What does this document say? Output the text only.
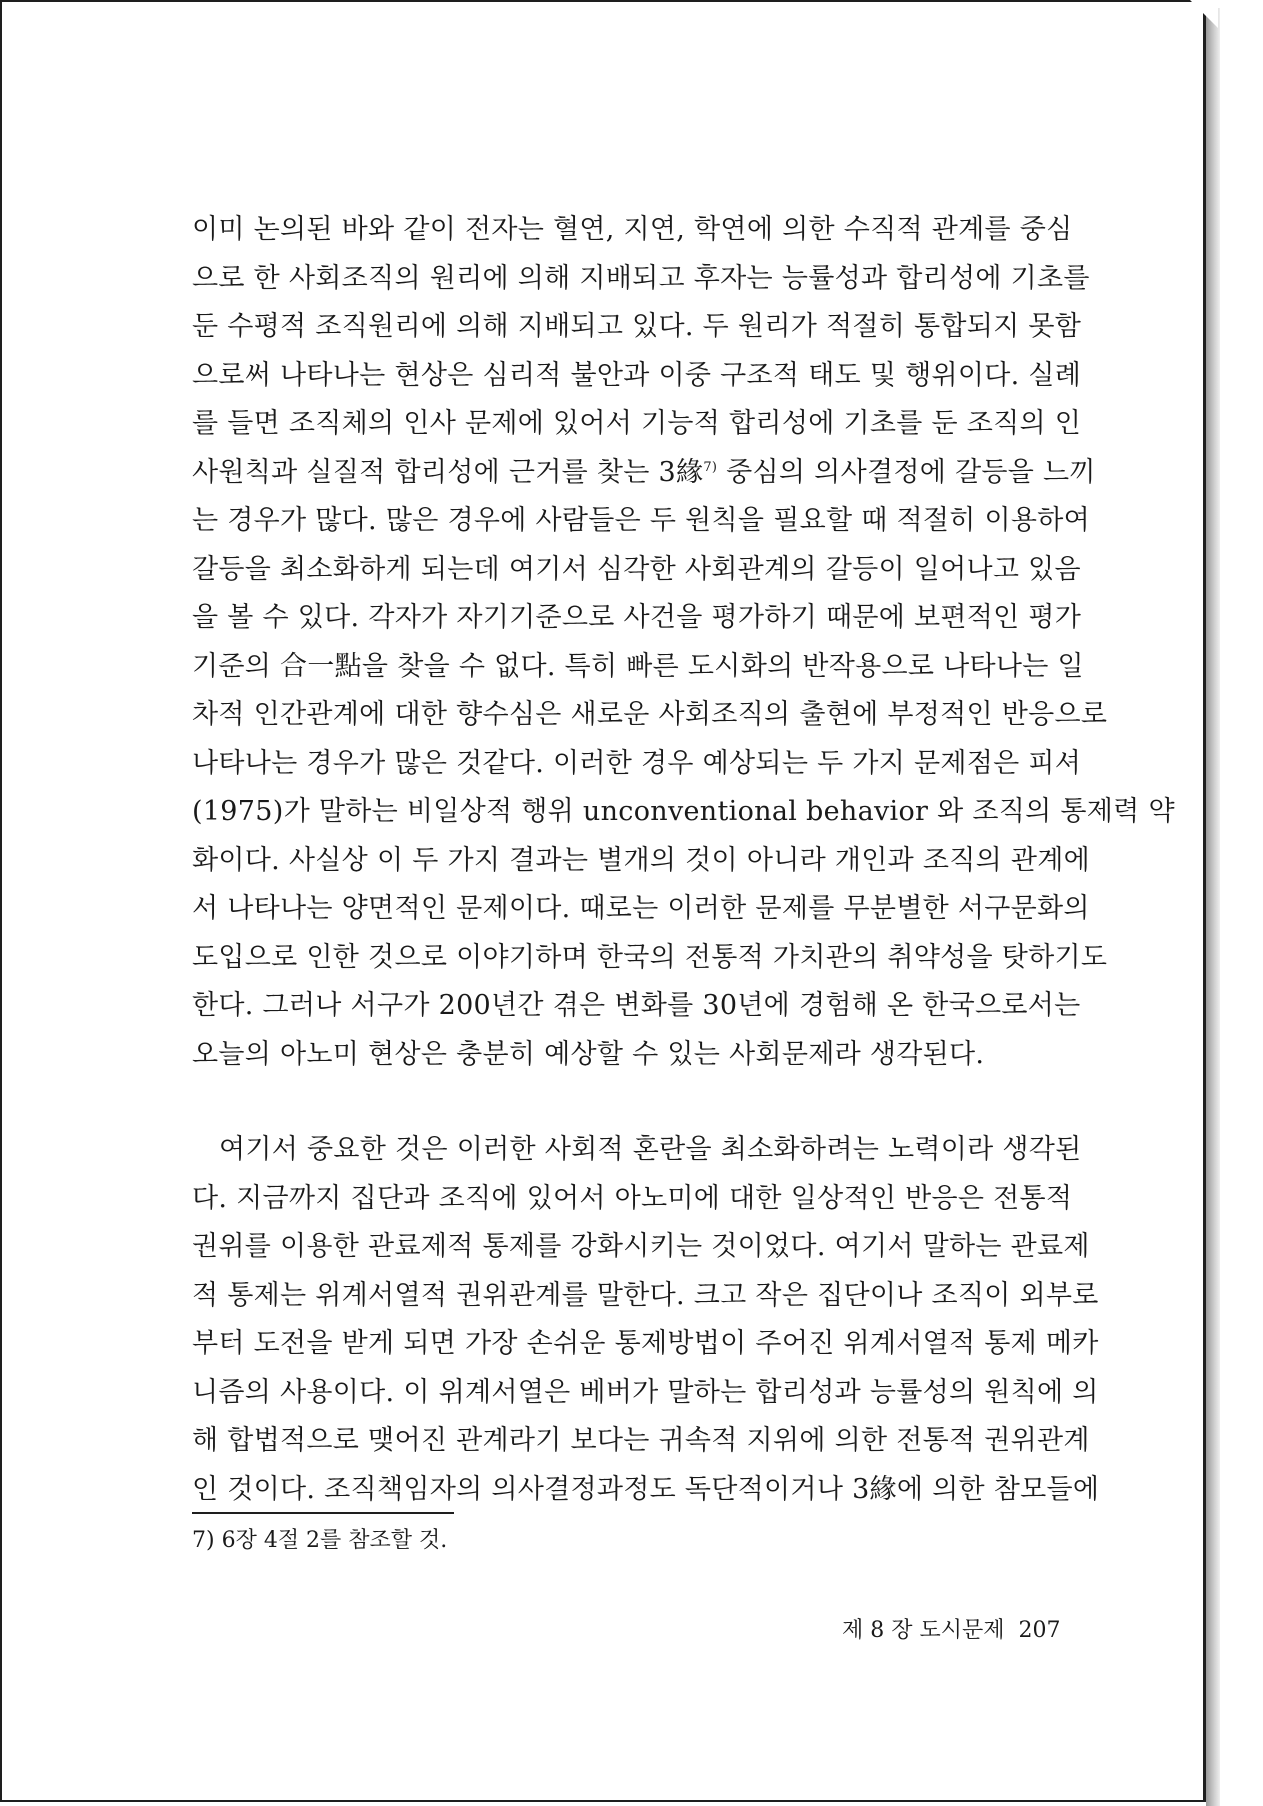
이미 논의된 바와 같이 전자는 혈연, 지연, 학연에 의한 수직적 관계를 중심
으로 한 사회조직의 원리에 의해 지배되고 후자는 능률성과 합리성에 기초를
둔 수평적 조직원리에 의해 지배되고 있다. 두 원리가 적절히 통합되지 못함
으로써 나타나는 현상은 심리적 불안과 이중 구조적 태도 및 행위이다. 실례
를 들면 조직체의 인사 문제에 있어서 기능적 합리성에 기초를 둔 조직의 인
사원칙과 실질적 합리성에 근거를 찾는 3緣$^{7)}$ 중심의 의사결정에 갈등을 느끼
는 경우가 많다. 많은 경우에 사람들은 두 원칙을 필요할 때 적절히 이용하여
갈등을 최소화하게 되는데 여기서 심각한 사회관계의 갈등이 일어나고 있음
을 볼 수 있다. 각자가 자기기준으로 사건을 평가하기 때문에 보편적인 평가
기준의 合一點을 찾을 수 없다. 특히 빠른 도시화의 반작용으로 나타나는 일
차적 인간관계에 대한 향수심은 새로운 사회조직의 출현에 부정적인 반응으로
나타나는 경우가 많은 것같다. 이러한 경우 예상되는 두 가지 문제점은 피셔
(1975)가 말하는 비일상적 행위 unconventional behavior 와 조직의 통제력 약
화이다. 사실상 이 두 가지 결과는 별개의 것이 아니라 개인과 조직의 관계에
서 나타나는 양면적인 문제이다. 때로는 이러한 문제를 무분별한 서구문화의
도입으로 인한 것으로 이야기하며 한국의 전통적 가치관의 취약성을 탓하기도
한다. 그러나 서구가 200년간 겪은 변화를 30년에 경험해 온 한국으로서는
오늘의 아노미 현상은 충분히 예상할 수 있는 사회문제라 생각된다.
여기서 중요한 것은 이러한 사회적 혼란을 최소화하려는 노력이라 생각된
다. 지금까지 집단과 조직에 있어서 아노미에 대한 일상적인 반응은 전통적
권위를 이용한 관료제적 통제를 강화시키는 것이었다. 여기서 말하는 관료제
적 통제는 위계서열적 권위관계를 말한다. 크고 작은 집단이나 조직이 외부로
부터 도전을 받게 되면 가장 손쉬운 통제방법이 주어진 위계서열적 통제 메카
니즘의 사용이다. 이 위계서열은 베버가 말하는 합리성과 능률성의 원칙에 의
해 합법적으로 맺어진 관계라기 보다는 귀속적 지위에 의한 전통적 권위관계
인 것이다. 조직책임자의 의사결정과정도 독단적이거나 3緣에 의한 참모들에
7) 6장 4절 2를 참조할 것.
제 8 장 도시문제 207
